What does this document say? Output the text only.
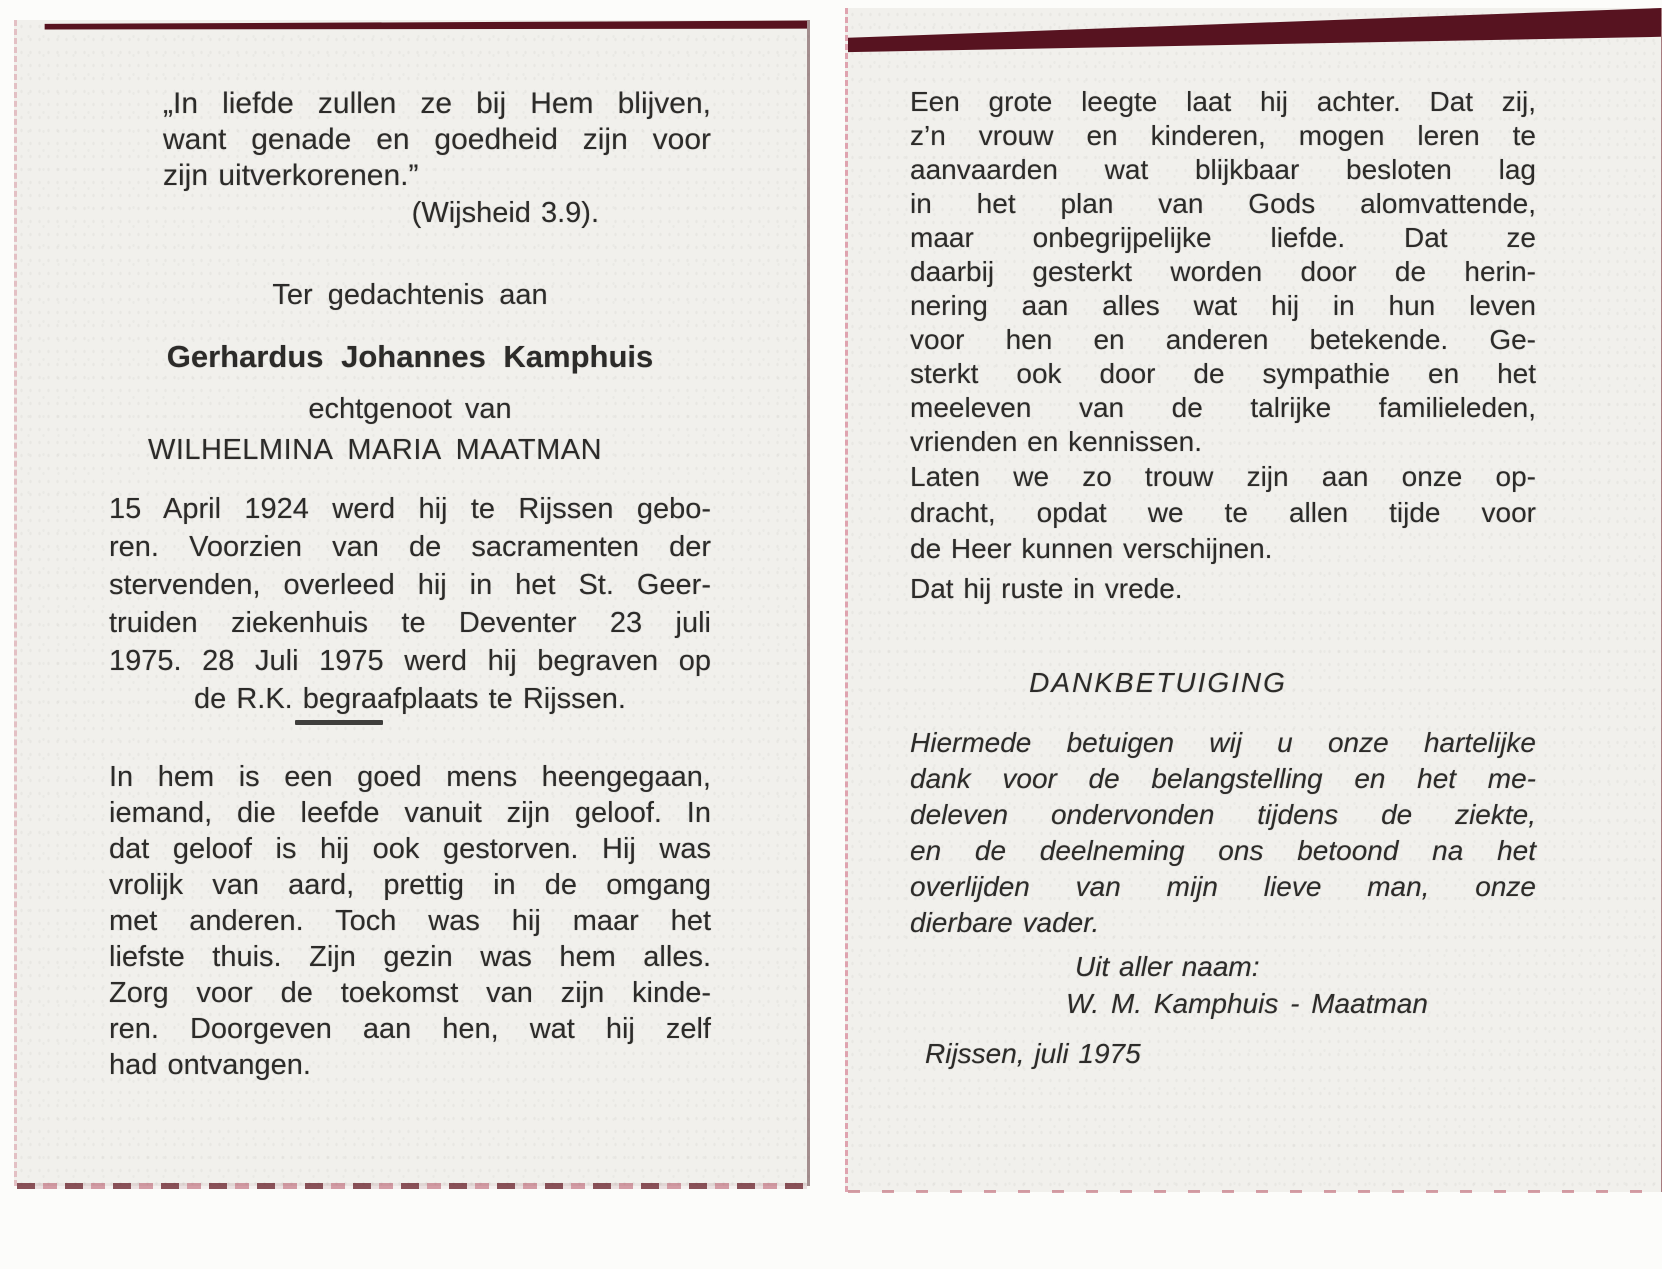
„In liefde zullen ze bij Hem blijven,
want genade en goedheid zijn voor
zijn uitverkorenen.”
(Wijsheid 3.9).
Ter gedachtenis aan
Gerhardus Johannes Kamphuis
echtgenoot van
WILHELMINA MARIA MAATMAN
15 April 1924 werd hij te Rijssen gebo-
ren. Voorzien van de sacramenten der
stervenden, overleed hij in het St. Geer-
truiden ziekenhuis te Deventer 23 juli
1975. 28 Juli 1975 werd hij begraven op
de R.K. begraafplaats te Rijssen.
In hem is een goed mens heengegaan,
iemand, die leefde vanuit zijn geloof. In
dat geloof is hij ook gestorven. Hij was
vrolijk van aard, prettig in de omgang
met anderen. Toch was hij maar het
liefste thuis. Zijn gezin was hem alles.
Zorg voor de toekomst van zijn kinde-
ren. Doorgeven aan hen, wat hij zelf
had ontvangen.
Een grote leegte laat hij achter. Dat zij,
z’n vrouw en kinderen, mogen leren te
aanvaarden wat blijkbaar besloten lag
in het plan van Gods alomvattende,
maar onbegrijpelijke liefde. Dat ze
daarbij gesterkt worden door de herin-
nering aan alles wat hij in hun leven
voor hen en anderen betekende. Ge-
sterkt ook door de sympathie en het
meeleven van de talrijke familieleden,
vrienden en kennissen.
Laten we zo trouw zijn aan onze op-
dracht, opdat we te allen tijde voor
de Heer kunnen verschijnen.
Dat hij ruste in vrede.
DANKBETUIGING
Hiermede betuigen wij u onze hartelijke
dank voor de belangstelling en het me-
deleven ondervonden tijdens de ziekte,
en de deelneming ons betoond na het
overlijden van mijn lieve man, onze
dierbare vader.
Uit aller naam:
W. M. Kamphuis - Maatman
Rijssen, juli 1975
